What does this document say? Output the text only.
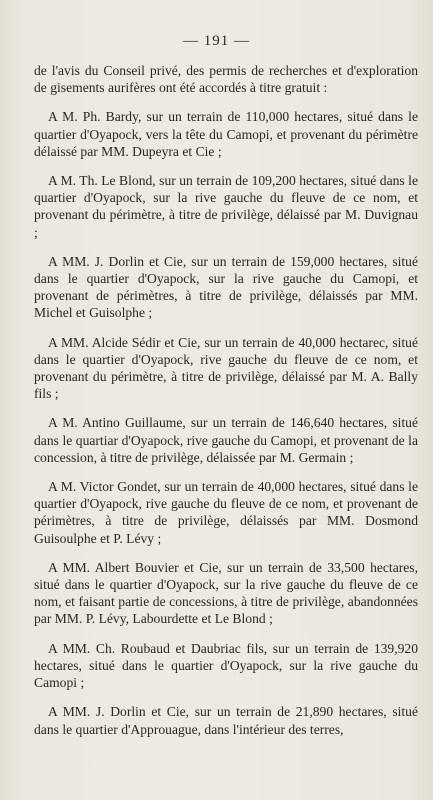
— 191 —

de l'avis du Conseil privé, des permis de recherches et d'exploration de gisements aurifères ont été accordés à titre gratuit :

A M. Ph. Bardy, sur un terrain de 110,000 hectares, situé dans le quartier d'Oyapock, vers la tête du Camopi, et provenant du périmètre délaissé par MM. Dupeyra et Cie ;

A M. Th. Le Blond, sur un terrain de 109,200 hectares, situé dans le quartier d'Oyapock, sur la rive gauche du fleuve de ce nom, et provenant du périmètre, à titre de privilège, délaissé par M. Duvignau ;

A MM. J. Dorlin et Cie, sur un terrain de 159,000 hectares, situé dans le quartier d'Oyapock, sur la rive gauche du Camopi, et provenant de périmètres, à titre de privilège, délaissés par MM. Michel et Guisolphe ;

A MM. Alcide Sédir et Cie, sur un terrain de 40,000 hectarec, situé dans le quartier d'Oyapock, rive gauche du fleuve de ce nom, et provenant du périmètre, à titre de privilège, délaissé par M. A. Bally fils ;

A M. Antino Guillaume, sur un terrain de 146,640 hectares, situé dans le quartiar d'Oyapock, rive gauche du Camopi, et provenant de la concession, à titre de privilège, délaissée par M. Germain ;

A M. Victor Gondet, sur un terrain de 40,000 hectares, situé dans le quartier d'Oyapock, rive gauche du fleuve de ce nom, et provenant de périmètres, à titre de privilège, délaissés par MM. Dosmond Guisoulphe et P. Lévy ;

A MM. Albert Bouvier et Cie, sur un terrain de 33,500 hectares, situé dans le quartier d'Oyapock, sur la rive gauche du fleuve de ce nom, et faisant partie de concessions, à titre de privilège, abandonnées par MM. P. Lévy, Labourdette et Le Blond ;

A MM. Ch. Roubaud et Daubriac fils, sur un terrain de 139,920 hectares, situé dans le quartier d'Oyapock, sur la rive gauche du Camopi ;

A MM. J. Dorlin et Cie, sur un terrain de 21,890 hectares, situé dans le quartier d'Approuague, dans l'intérieur des terres,
